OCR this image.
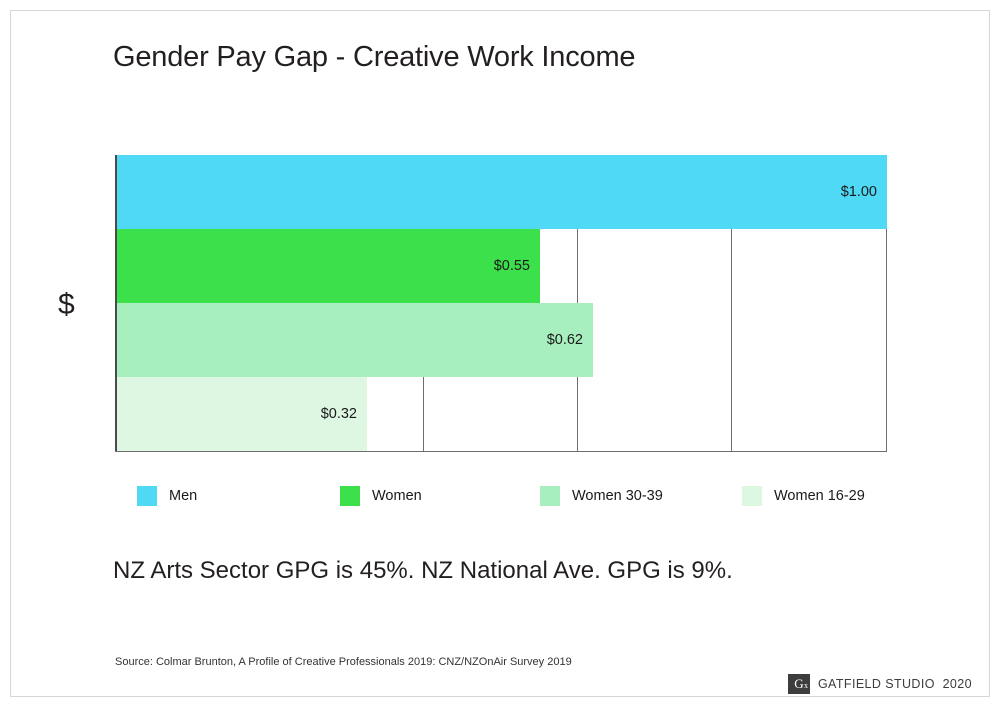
Gender Pay Gap - Creative Work Income
$
$1.00
$0.55
$0.62
$0.32
Men	Women	Women 30-39	Women 16-29
NZ Arts Sector GPG is 45%. NZ National Ave. GPG is 9%.
Source: Colmar Brunton, A Profile of Creative Professionals 2019: CNZ/NZOnAir Survey 2019
G x GATFIELD STUDIO 2020
